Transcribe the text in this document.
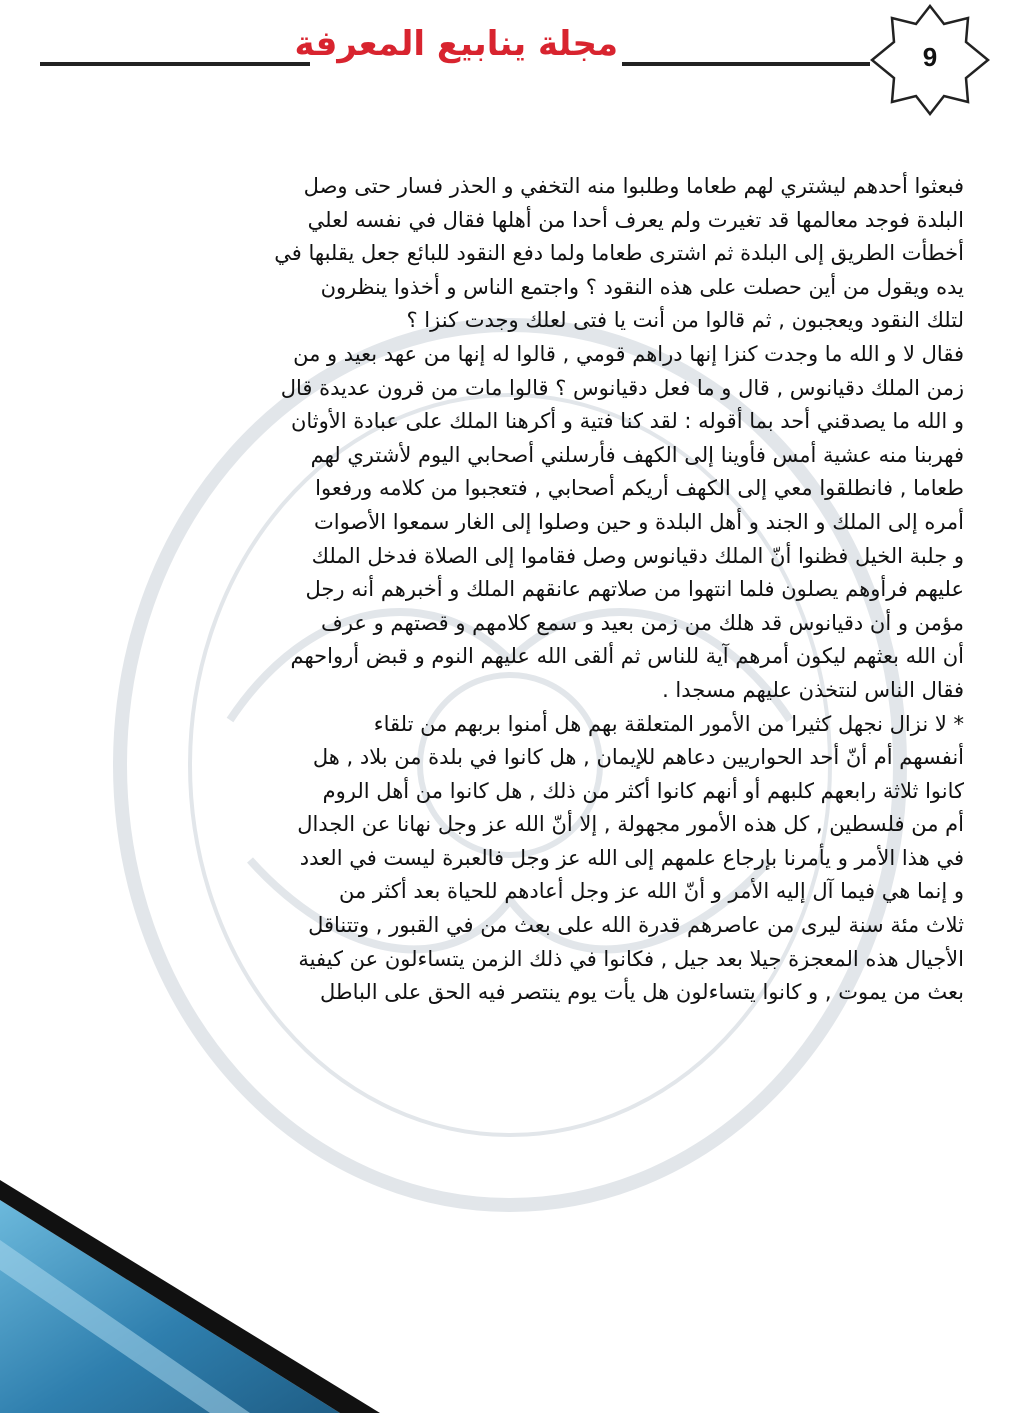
مجلة ينابيع المعرفة	9
فبعثوا أحدهم ليشتري لهم طعاما وطلبوا منه التخفي و الحذر فسار حتى وصل
البلدة فوجد معالمها قد تغيرت ولم يعرف أحدا من أهلها فقال في نفسه لعلي
أخطأت الطريق إلى البلدة ثم اشترى طعاما ولما دفع النقود للبائع جعل يقلبها في
يده ويقول من أين حصلت على هذه النقود ؟ واجتمع الناس و أخذوا ينظرون
لتلك النقود ويعجبون , ثم قالوا من أنت يا فتى لعلك وجدت كنزا ؟
فقال لا و الله ما وجدت كنزا إنها دراهم قومي , قالوا له إنها من عهد بعيد و من
زمن الملك دقيانوس , قال و ما فعل دقيانوس ؟ قالوا مات من قرون عديدة قال
و الله ما يصدقني أحد بما أقوله : لقد كنا فتية و أكرهنا الملك على عبادة الأوثان
فهربنا منه عشية أمس فأوينا إلى الكهف فأرسلني أصحابي اليوم لأشتري لهم
طعاما , فانطلقوا معي إلى الكهف أريكم أصحابي , فتعجبوا من كلامه ورفعوا
أمره إلى الملك و الجند و أهل البلدة و حين وصلوا إلى الغار سمعوا الأصوات
و جلبة الخيل فظنوا أنّ الملك دقيانوس وصل فقاموا إلى الصلاة فدخل الملك
عليهم فرأوهم يصلون فلما انتهوا من صلاتهم عانقهم الملك و أخبرهم أنه رجل
مؤمن و أن دقيانوس قد هلك من زمن بعيد و سمع كلامهم و قصتهم و عرف
أن الله بعثهم ليكون أمرهم آية للناس ثم ألقى الله عليهم النوم و قبض أرواحهم
فقال الناس لنتخذن عليهم مسجدا .
* لا نزال نجهل كثيرا من الأمور المتعلقة بهم هل أمنوا بربهم من تلقاء
أنفسهم أم أنّ أحد الحواريين دعاهم للإيمان , هل كانوا في بلدة من بلاد , هل
كانوا ثلاثة رابعهم كلبهم أو أنهم كانوا أكثر من ذلك , هل كانوا من أهل الروم
أم من فلسطين , كل هذه الأمور مجهولة , إلا أنّ الله عز وجل نهانا عن الجدال
في هذا الأمر و يأمرنا بإرجاع علمهم إلى الله عز وجل فالعبرة ليست في العدد
و إنما هي فيما آل إليه الأمر و أنّ الله عز وجل أعادهم للحياة بعد أكثر من
ثلاث مئة سنة ليرى من عاصرهم قدرة الله على بعث من في القبور , وتتناقل
الأجيال هذه المعجزة جيلا بعد جيل , فكانوا في ذلك الزمن يتساءلون عن كيفية
بعث من يموت , و كانوا يتساءلون هل يأت يوم ينتصر فيه الحق على الباطل
